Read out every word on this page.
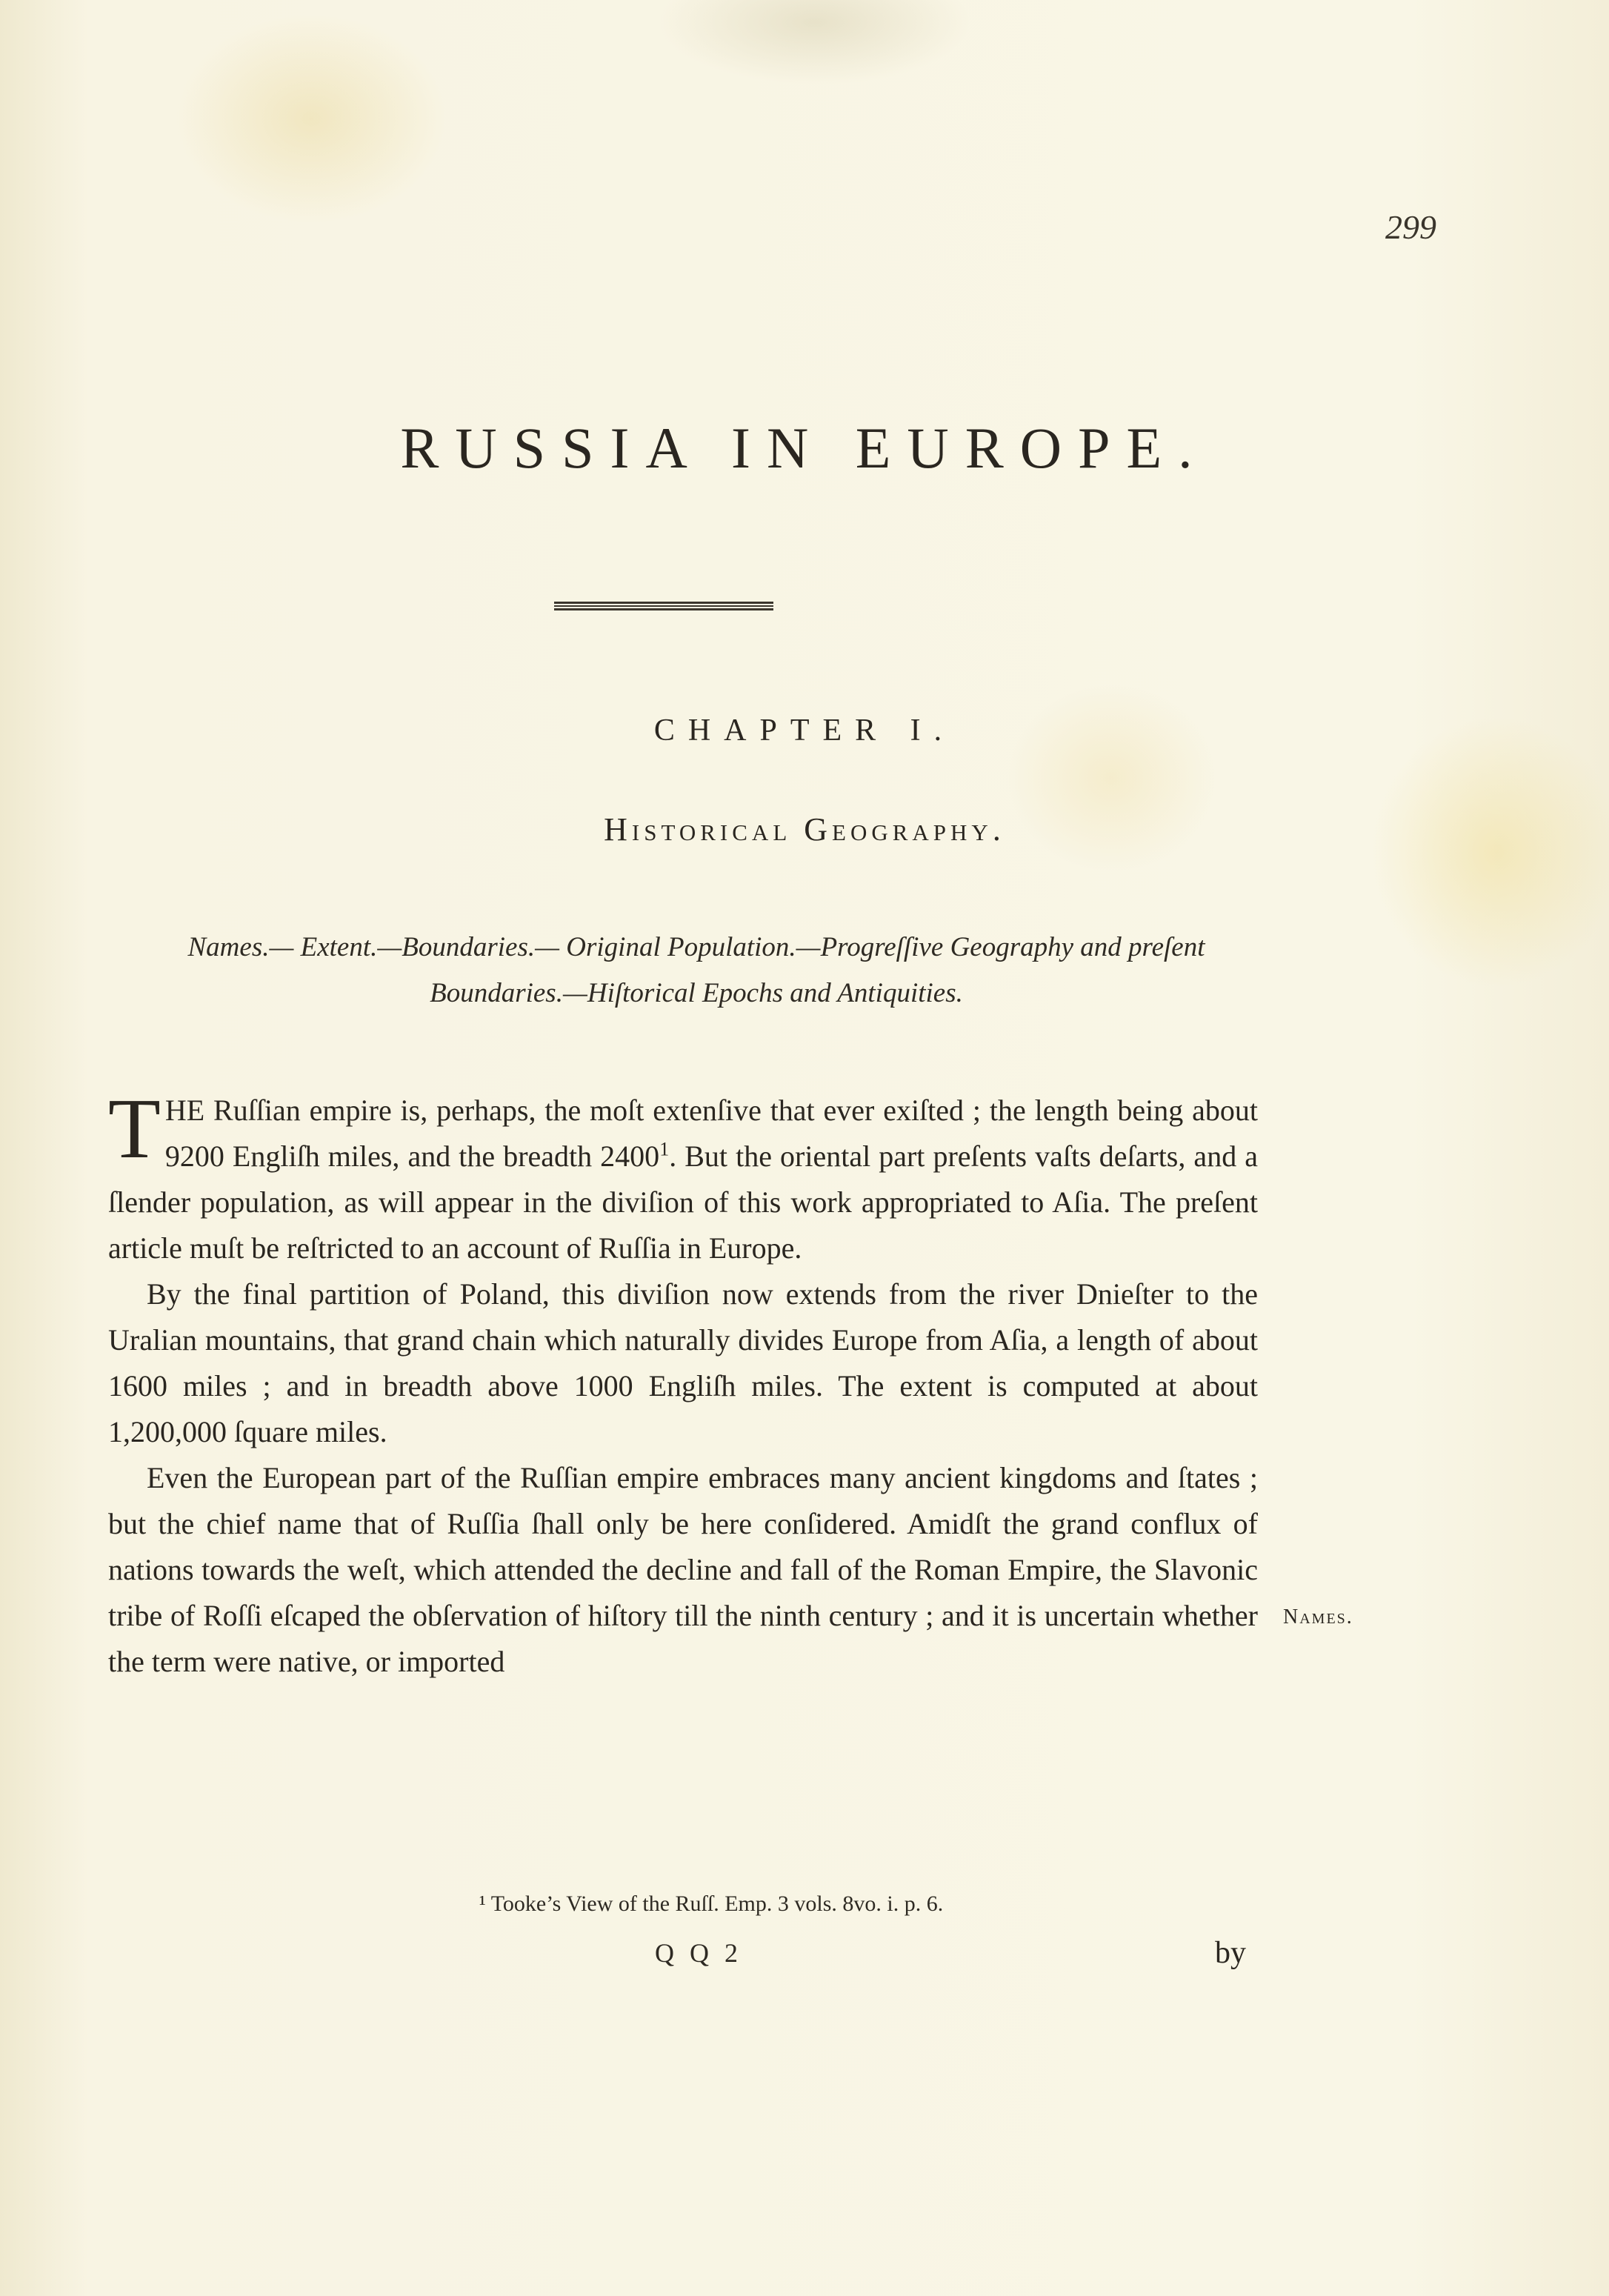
299
RUSSIA IN EUROPE.
CHAPTER I.
Historical Geography.
Names.— Extent.—Boundaries.— Original Population.—Progreſſive Geography and preſent Boundaries.—Hiſtorical Epochs and Antiquities.

THE Ruſſian empire is, perhaps, the moſt extenſive that ever exiſted ; the length being about 9200 Engliſh miles, and the breadth 2400$^1$. But the oriental part preſents vaſts deſarts, and a ſlender population, as will appear in the diviſion of this work appropriated to Aſia. The preſent article muſt be reſtricted to an account of Ruſſia in Europe.

By the final partition of Poland, this diviſion now extends from the river Dnieſter to the Uralian mountains, that grand chain which naturally divides Europe from Aſia, a length of about 1600 miles ; and in breadth above 1000 Engliſh miles. The extent is computed at about 1,200,000 ſquare miles.

Even the European part of the Ruſſian empire embraces many ancient kingdoms and ſtates ; but the chief name that of Ruſſia ſhall only be here conſidered. Amidſt the grand conflux of nations towards the weſt, which attended the decline and fall of the Roman Empire, the Slavonic tribe of Roſſi eſcaped the obſervation of hiſtory till the ninth century ; and it is uncertain whether the term were native, or imported

Names.
¹ Tooke’s View of the Ruſſ. Emp. 3 vols. 8vo. i. p. 6.
Q Q 2	by
